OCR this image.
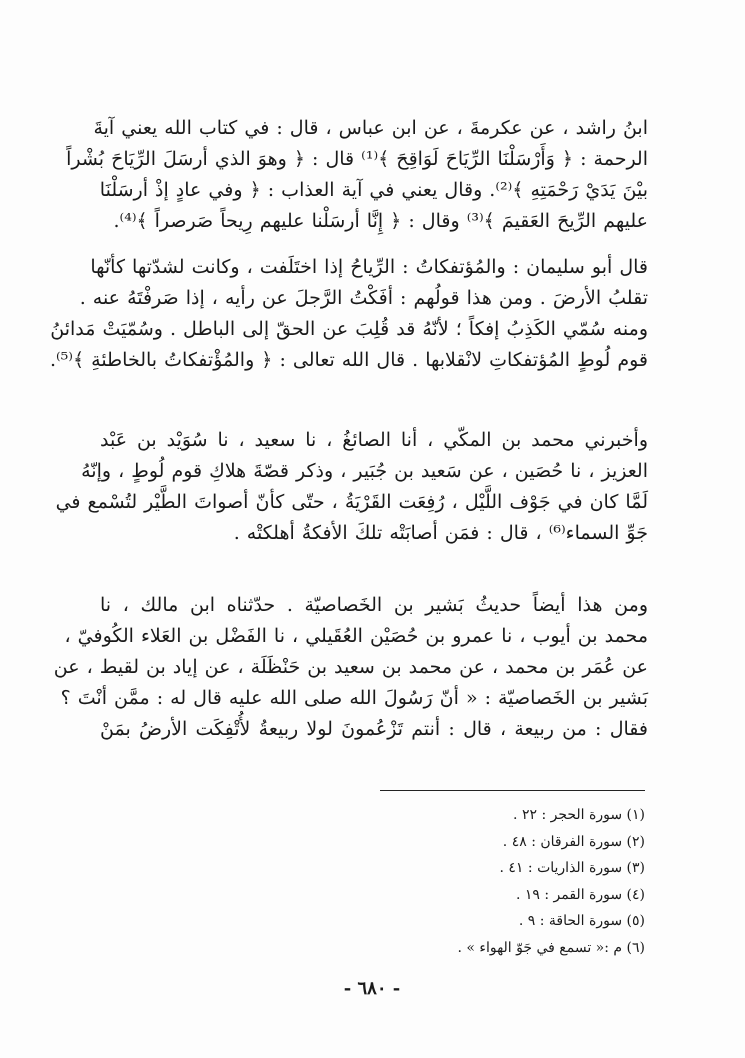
ابنُ راشد ، عن عكرمةَ ، عن ابن عباس ، قال : في كتاب الله يعني آيةَ
الرحمة : ﴿ وَأَرْسَلْنَا الرِّيَاحَ لَوَاقِحَ ﴾⁽¹⁾ قال : ﴿ وهوَ الذي أرسَلَ الرِّيَاحَ بُشْراً
بيْنَ يَدَيْ رَحْمَتِهِ ﴾⁽²⁾. وقال يعني في آية العذاب : ﴿ وفي عادٍ إذْ أرسَلْنَا
عليهم الرِّيحَ العَقيمَ ﴾⁽³⁾ وقال : ﴿ إِنَّا أرسَلْنا عليهم رِيحاً صَرصراً ﴾⁽⁴⁾.
قال أبو سليمان : والمُؤتفكاتُ : الرِّياحُ إذا اختَلَفت ، وكانت لشدّتها كأنّها
تقلبُ الأرضَ . ومن هذا قولُهم : أفَكْتُ الرَّجلَ عن رأيه ، إذا صَرفْتَهُ عنه .
ومنه سُمّي الكَذِبُ إفكاً ؛ لأنّهُ قد قُلِبَ عن الحقّ إلى الباطل . وسُمّيَتْ مَدائنُ
قوم لُوطٍ المُؤتفكاتِ لانْقلابها . قال الله تعالى : ﴿ والمُؤْتفكاتُ بالخاطئةِ ﴾⁽⁵⁾.
وأخبرني محمد بن المكّي ، أنا الصائغُ ، نا سعيد ، نا سُوَيْد بن عَبْد
العزيز ، نا حُصَين ، عن سَعيد بن جُبَير ، وذكر قصّةَ هلاكِ قوم لُوطٍ ، وإنّهُ
لَمَّا كان في جَوْف اللَّيْل ، رُفِعَت القَرْيَةُ ، حتّى كأنّ أصواتَ الطَّيْر لتُسْمع في
جَوِّ السماء⁽⁶⁾ ، قال : فمَن أصابَتْه تلكَ الأفكةُ أهلكتْه .
ومن هذا أيضاً حديثُ بَشير بن الخَصاصيّة . حدّثناه ابن مالك ، نا
محمد بن أيوب ، نا عمرو بن حُصَيْن العُقَيلي ، نا الفَضْل بن العَلاء الكُوفيّ ،
عن عُمَر بن محمد ، عن محمد بن سعيد بن حَنْظَلَة ، عن إياد بن لقيط ، عن
بَشير بن الخَصاصيّة : « أنّ رَسُولَ الله صلى الله عليه قال له : ممَّن أنْتَ ؟
فقال : من ربيعة ، قال : أنتم تَزْعُمونَ لولا ربيعةُ لأُتْفِكَت الأرضُ بمَنْ
(١) سورة الحجر : ٢٢ .
(٢) سورة الفرقان : ٤٨ .
(٣) سورة الذاريات : ٤١ .
(٤) سورة القمر : ١٩ .
(٥) سورة الحاقة : ٩ .
(٦) م :« تسمع في جَوّ الهواء » .
- ٦٨٠ -
